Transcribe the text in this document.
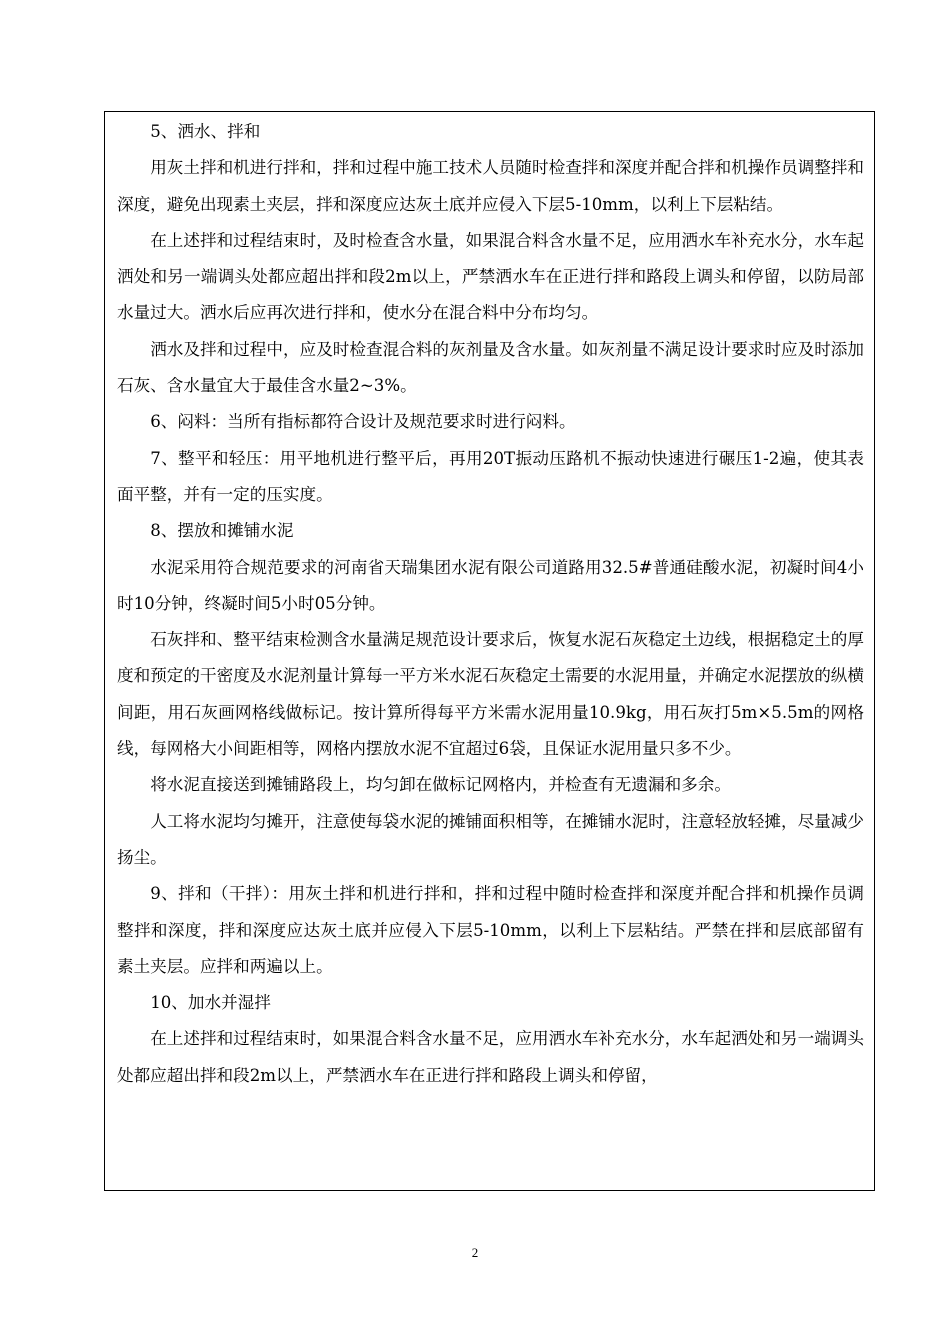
5、洒水、拌和

用灰土拌和机进行拌和，拌和过程中施工技术人员随时检查拌和深度并配合拌和机操作员调整拌和深度，避免出现素土夹层，拌和深度应达灰土底并应侵入下层5-10mm，以利上下层粘结。

在上述拌和过程结束时，及时检查含水量，如果混合料含水量不足，应用洒水车补充水分，水车起洒处和另一端调头处都应超出拌和段2m以上，严禁洒水车在正进行拌和路段上调头和停留，以防局部水量过大。洒水后应再次进行拌和，使水分在混合料中分布均匀。

洒水及拌和过程中，应及时检查混合料的灰剂量及含水量。如灰剂量不满足设计要求时应及时添加石灰、含水量宜大于最佳含水量2~3%。

6、闷料：当所有指标都符合设计及规范要求时进行闷料。

7、整平和轻压：用平地机进行整平后，再用20T振动压路机不振动快速进行碾压1-2遍，使其表面平整，并有一定的压实度。

8、摆放和摊铺水泥

水泥采用符合规范要求的河南省天瑞集团水泥有限公司道路用32.5#普通硅酸水泥，初凝时间4小时10分钟，终凝时间5小时05分钟。

石灰拌和、整平结束检测含水量满足规范设计要求后，恢复水泥石灰稳定土边线，根据稳定土的厚度和预定的干密度及水泥剂量计算每一平方米水泥石灰稳定土需要的水泥用量，并确定水泥摆放的纵横间距，用石灰画网格线做标记。按计算所得每平方米需水泥用量10.9kg，用石灰打5m×5.5m的网格线，每网格大小间距相等，网格内摆放水泥不宜超过6袋，且保证水泥用量只多不少。

将水泥直接送到摊铺路段上，均匀卸在做标记网格内，并检查有无遗漏和多余。

人工将水泥均匀摊开，注意使每袋水泥的摊铺面积相等，在摊铺水泥时，注意轻放轻摊，尽量减少扬尘。

9、拌和（干拌）：用灰土拌和机进行拌和，拌和过程中随时检查拌和深度并配合拌和机操作员调整拌和深度，拌和深度应达灰土底并应侵入下层5-10mm，以利上下层粘结。严禁在拌和层底部留有素土夹层。应拌和两遍以上。

10、加水并湿拌

在上述拌和过程结束时，如果混合料含水量不足，应用洒水车补充水分，水车起洒处和另一端调头处都应超出拌和段2m以上，严禁洒水车在正进行拌和路段上调头和停留，

2
